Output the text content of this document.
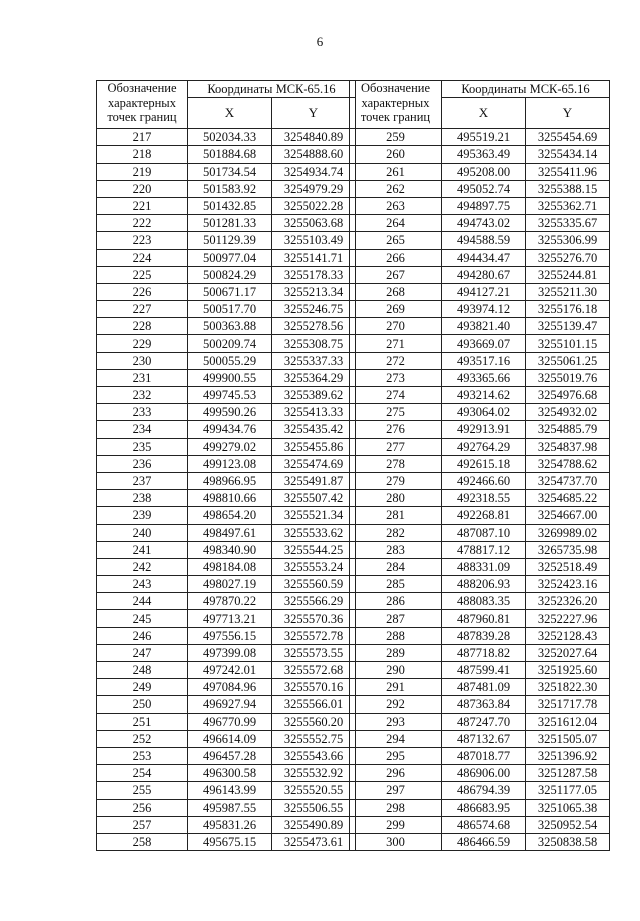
6
Обозначение
характерных
точек границ	Координаты МСК-65.16	
	X	Y
217	502034.33	3254840.89
218	501884.68	3254888.60
219	501734.54	3254934.74
220	501583.92	3254979.29
221	501432.85	3255022.28
222	501281.33	3255063.68
223	501129.39	3255103.49
224	500977.04	3255141.71
225	500824.29	3255178.33
226	500671.17	3255213.34
227	500517.70	3255246.75
228	500363.88	3255278.56
229	500209.74	3255308.75
230	500055.29	3255337.33
231	499900.55	3255364.29
232	499745.53	3255389.62
233	499590.26	3255413.33
234	499434.76	3255435.42
235	499279.02	3255455.86
236	499123.08	3255474.69
237	498966.95	3255491.87
238	498810.66	3255507.42
239	498654.20	3255521.34
240	498497.61	3255533.62
241	498340.90	3255544.25
242	498184.08	3255553.24
243	498027.19	3255560.59
244	497870.22	3255566.29
245	497713.21	3255570.36
246	497556.15	3255572.78
247	497399.08	3255573.55
248	497242.01	3255572.68
249	497084.96	3255570.16
250	496927.94	3255566.01
251	496770.99	3255560.20
252	496614.09	3255552.75
253	496457.28	3255543.66
254	496300.58	3255532.92
255	496143.99	3255520.55
256	495987.55	3255506.55
257	495831.26	3255490.89
258	495675.15	3255473.61
Обозначение
характерных
точек границ	Координаты МСК-65.16	
	X	Y
259	495519.21	3255454.69
260	495363.49	3255434.14
261	495208.00	3255411.96
262	495052.74	3255388.15
263	494897.75	3255362.71
264	494743.02	3255335.67
265	494588.59	3255306.99
266	494434.47	3255276.70
267	494280.67	3255244.81
268	494127.21	3255211.30
269	493974.12	3255176.18
270	493821.40	3255139.47
271	493669.07	3255101.15
272	493517.16	3255061.25
273	493365.66	3255019.76
274	493214.62	3254976.68
275	493064.02	3254932.02
276	492913.91	3254885.79
277	492764.29	3254837.98
278	492615.18	3254788.62
279	492466.60	3254737.70
280	492318.55	3254685.22
281	492268.81	3254667.00
282	487087.10	3269989.02
283	478817.12	3265735.98
284	488331.09	3252518.49
285	488206.93	3252423.16
286	488083.35	3252326.20
287	487960.81	3252227.96
288	487839.28	3252128.43
289	487718.82	3252027.64
290	487599.41	3251925.60
291	487481.09	3251822.30
292	487363.84	3251717.78
293	487247.70	3251612.04
294	487132.67	3251505.07
295	487018.77	3251396.92
296	486906.00	3251287.58
297	486794.39	3251177.05
298	486683.95	3251065.38
299	486574.68	3250952.54
300	486466.59	3250838.58
